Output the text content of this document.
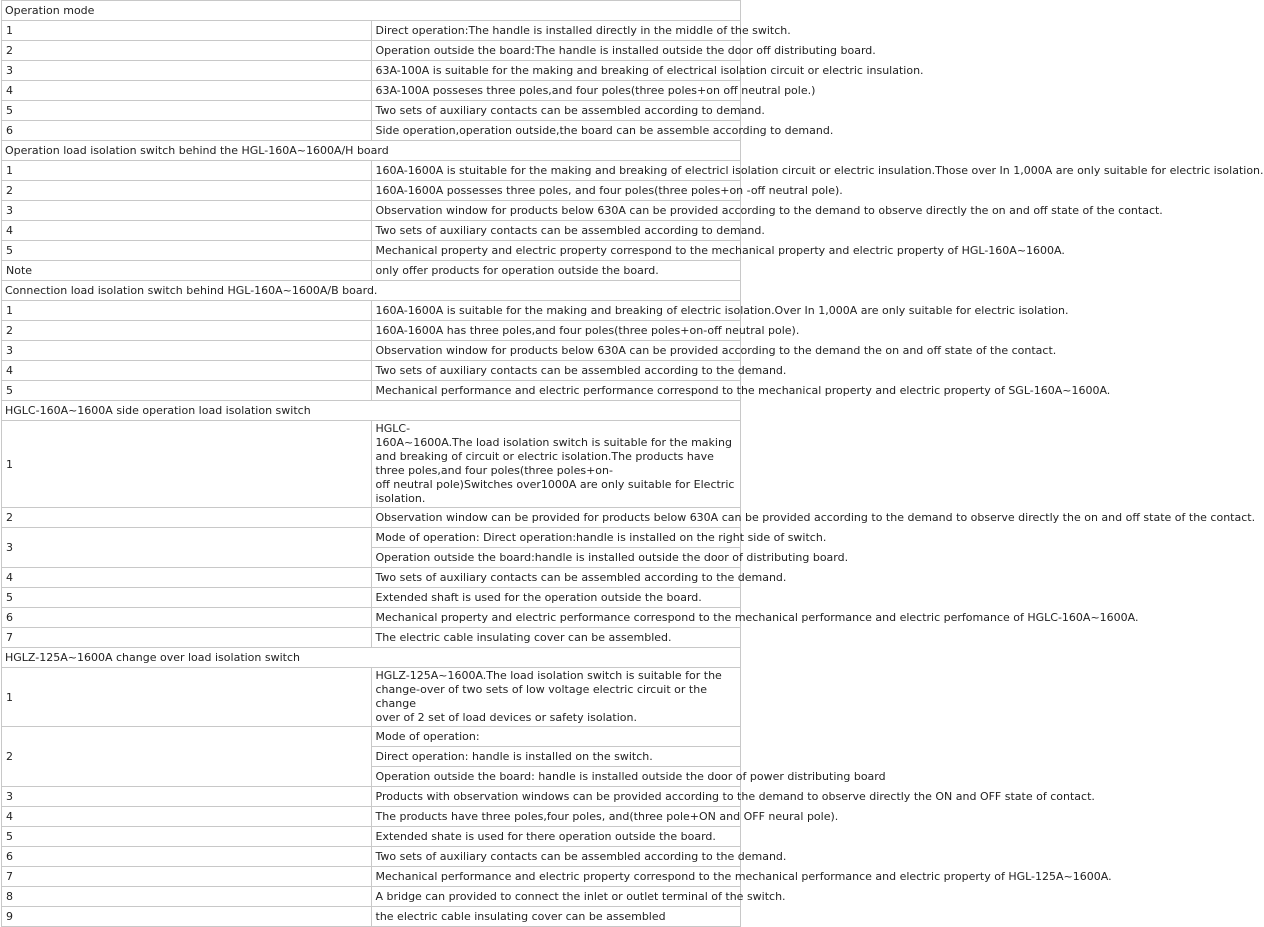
Operation mode	
1	Direct operation:The handle is installed directly in the middle of the switch.
2	Operation outside the board:The handle is installed outside the door off distributing board.
3	63A-100A is suitable for the making and breaking of electrical isolation circuit or electric insulation.
4	63A-100A posseses three poles,and four poles(three poles+on off neutral pole.)
5	Two sets of auxiliary contacts can be assembled according to demand.
6	Side operation,operation outside,the board can be assemble according to demand.
Operation load isolation switch behind the HGL-160A~1600A/H board	
1	160A-1600A is stuitable for the making and breaking of electricl isolation circuit or electric insulation.Those over In 1,000A are only suitable for electric isolation.
2	160A-1600A possesses three poles, and four poles(three poles+on -off neutral pole).
3	Observation window for products below 630A can be provided according to the demand to observe directly the on and off state of the contact.
4	Two sets of auxiliary contacts can be assembled according to demand.
5	Mechanical property and electric property correspond to the mechanical property and electric property of HGL-160A~1600A.
Note	only offer products for operation outside the board.
Connection load isolation switch behind HGL-160A~1600A/B board.	
1	160A-1600A is suitable for the making and breaking of electric isolation.Over In 1,000A are only suitable for electric isolation.
2	160A-1600A has three poles,and four poles(three poles+on-off neutral pole).
3	Observation window for products below 630A can be provided according to the demand the on and off state of the contact.
4	Two sets of auxiliary contacts can be assembled according to the demand.
5	Mechanical performance and electric performance correspond to the mechanical property and electric property of SGL-160A~1600A.
HGLC-160A~1600A side operation load isolation switch	
1	HGLC-
160A~1600A.The load isolation switch is suitable for the making and breaking of circuit or electric isolation.The products have three poles,and four poles(three poles+on-
off neutral pole)Switches over1000A are only suitable for Electric isolation.
2	Observation window can be provided for products below 630A can be provided according to the demand to observe directly the on and off state of the contact.
3	Mode of operation: Direct operation:handle is installed on the right side of switch.
	Operation outside the board:handle is installed outside the door of distributing board.
4	Two sets of auxiliary contacts can be assembled according to the demand.
5	Extended shaft is used for the operation outside the board.
6	Mechanical property and electric performance correspond to the mechanical performance and electric perfomance of HGLC-160A~1600A.
7	The electric cable insulating cover can be assembled.
HGLZ-125A~1600A change over load isolation switch	
1	HGLZ-125A~1600A.The load isolation switch is suitable for the change-over of two sets of low voltage electric circuit or the change
over of 2 set of load devices or safety isolation.
2	Mode of operation:
	Direct operation: handle is installed on the switch.
	Operation outside the board: handle is installed outside the door of power distributing board
3	Products with observation windows can be provided according to the demand to observe directly the ON and OFF state of contact.
4	The products have three poles,four poles, and(three pole+ON and OFF neural pole).
5	Extended shate is used for there operation outside the board.
6	Two sets of auxiliary contacts can be assembled according to the demand.
7	Mechanical performance and electric property correspond to the mechanical performance and electric property of HGL-125A~1600A.
8	A bridge can provided to connect the inlet or outlet terminal of the switch.
9	the electric cable insulating cover can be assembled
